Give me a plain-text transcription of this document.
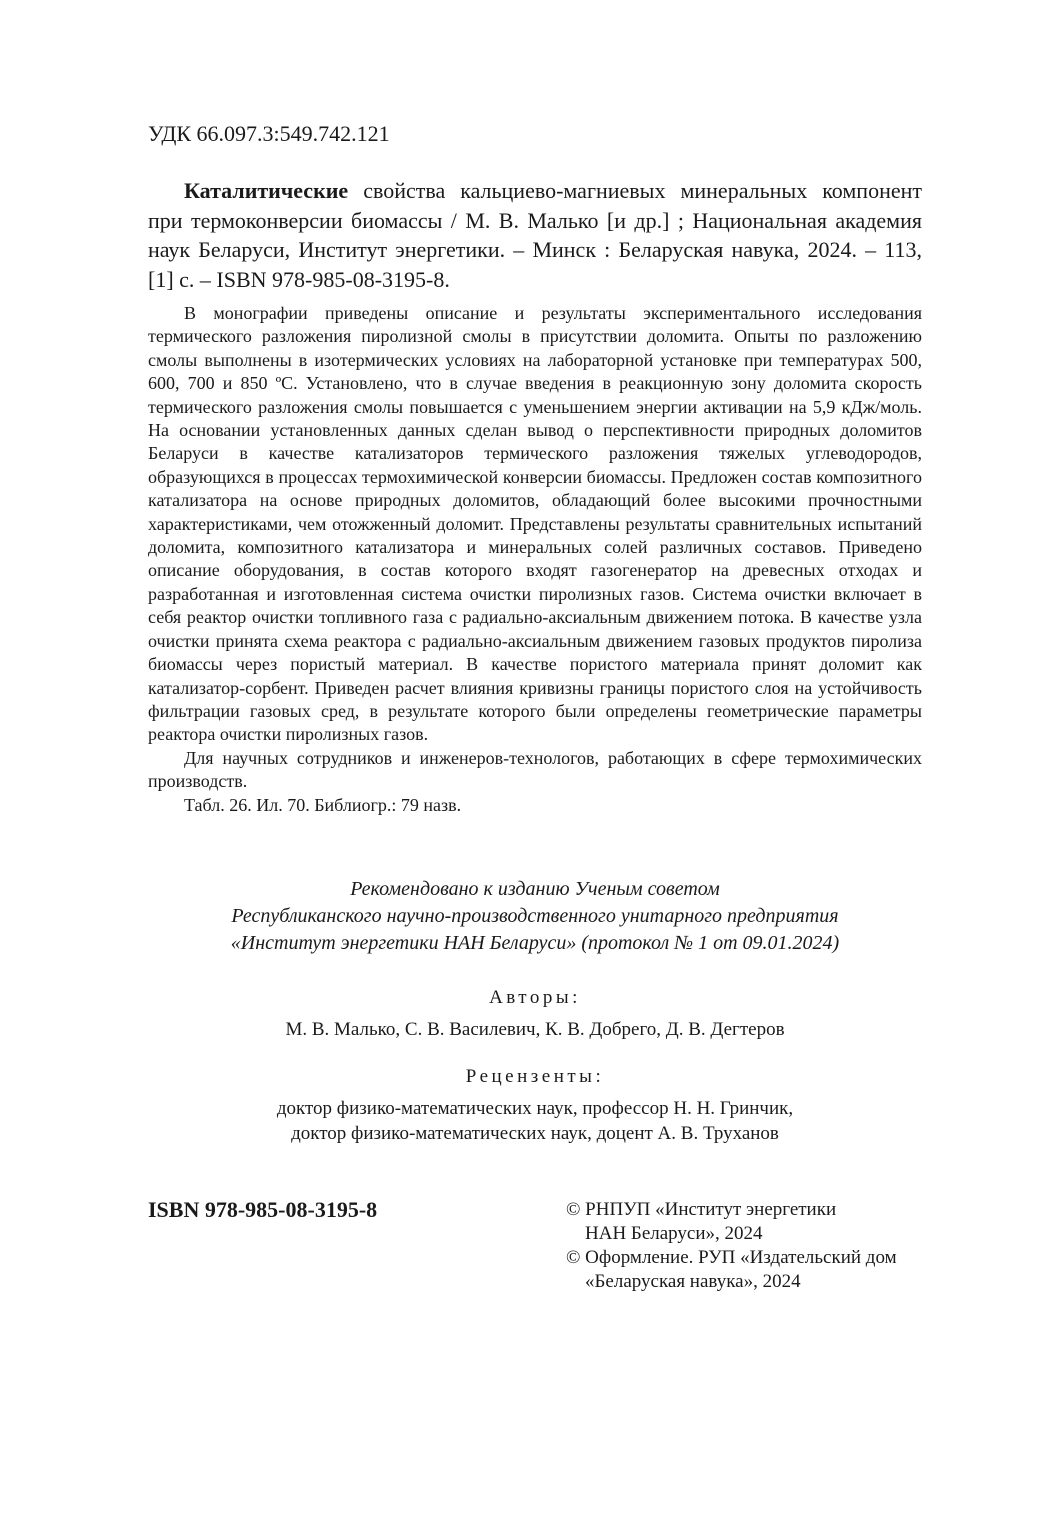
УДК 66.097.3:549.742.121

Каталитические свойства кальциево-магниевых минеральных компонент при термоконверсии биомассы / М. В. Малько [и др.] ; Национальная академия наук Беларуси, Институт энергетики. – Минск : Беларуская навука, 2024. – 113, [1] с. – ISBN 978-985-08-3195-8.

В монографии приведены описание и результаты экспериментального исследования термического разложения пиролизной смолы в присутствии доломита. Опыты по разложению смолы выполнены в изотермических условиях на лабораторной установке при температурах 500, 600, 700 и 850 ºС. Установлено, что в случае введения в реакционную зону доломита скорость термического разложения смолы повышается с уменьшением энергии активации на 5,9 кДж/моль. На основании установленных данных сделан вывод о перспективности природных доломитов Беларуси в качестве катализаторов термического разложения тяжелых углеводородов, образующихся в процессах термохимической конверсии биомассы. Предложен состав композитного катализатора на основе природных доломитов, обладающий более высокими прочностными характеристиками, чем отожженный доломит. Представлены результаты сравнительных испытаний доломита, композитного катализатора и минеральных солей различных составов. Приведено описание оборудования, в состав которого входят газогенератор на древесных отходах и разработанная и изготовленная система очистки пиролизных газов. Система очистки включает в себя реактор очистки топливного газа с радиально-аксиальным движением потока. В качестве узла очистки принята схема реактора с радиально-аксиальным движением газовых продуктов пиролиза биомассы через пористый материал. В качестве пористого материала принят доломит как катализатор-сорбент. Приведен расчет влияния кривизны границы пористого слоя на устойчивость фильтрации газовых сред, в результате которого были определены геометрические параметры реактора очистки пиролизных газов.

Для научных сотрудников и инженеров-технологов, работающих в сфере термохимических производств.

Табл. 26. Ил. 70. Библиогр.: 79 назв.

Рекомендовано к изданию Ученым советом
Республиканского научно-производственного унитарного предприятия
«Институт энергетики НАН Беларуси» (протокол № 1 от 09.01.2024)
Авторы:
М. В. Малько, С. В. Василевич, К. В. Добрего, Д. В. Дегтеров
Рецензенты:
доктор физико-математических наук, профессор Н. Н. Гринчик,
доктор физико-математических наук, доцент А. В. Труханов
ISBN 978-985-08-3195-8	© РНПУП «Институт энергетики
НАН Беларуси», 2024
© Оформление. РУП «Издательский дом
«Беларуская навука», 2024
